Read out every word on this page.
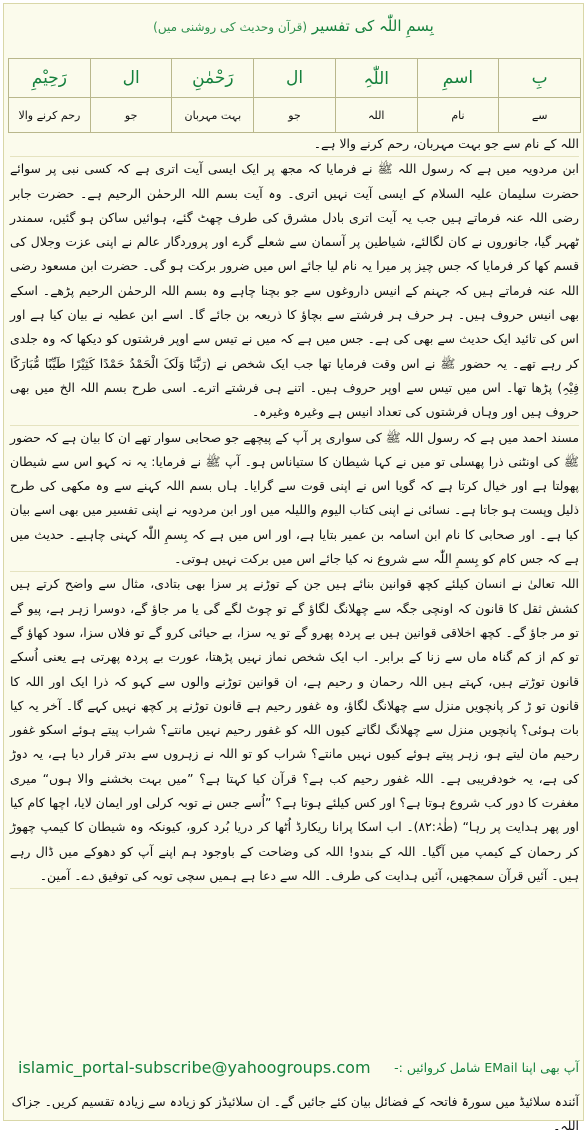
بِسمِ اللّٰہ کی تفسیر (قرآن وحدیث کی روشنی میں)
بِ	اسمِ	اللّٰہِ	ال	رَحْمٰنِ	ال	رَحِیْمِ
سے	نام	اللہ	جو	بہت مہربان	جو	رحم کرنے والا

اللہ کے نام سے جو بہت مہربان، رحم کرنے والا ہے۔

ابن مردویہ میں ہے کہ رسول اللہ ﷺ نے فرمایا کہ مجھ پر ایک ایسی آیت اتری ہے کہ کسی نبی پر سوائے حضرت سلیمان علیہ السلام کے ایسی آیت نہیں اتری۔ وہ آیت بسم اللہ الرحمٰن الرحیم ہے۔ حضرت جابر رضی اللہ عنہ فرماتے ہیں جب یہ آیت اتری بادل مشرق کی طرف چھٹ گئے، ہوائیں ساکن ہو گئیں، سمندر ٹھہر گیا، جانوروں نے کان لگالئے، شیاطین پر آسمان سے شعلے گرے اور پروردگار عالم نے اپنی عزت وجلال کی قسم کھا کر فرمایا کہ جس چیز پر میرا یہ نام لیا جائے اس میں ضرور برکت ہو گی۔ حضرت ابن مسعود رضی اللہ عنہ فرماتے ہیں کہ جہنم کے انیس داروغوں سے جو بچنا چاہے وہ بسم اللہ الرحمٰن الرحیم پڑھے۔ اسکے بھی انیس حروف ہیں۔ ہر حرف ہر فرشتے سے بچاؤ کا ذریعہ بن جائے گا۔ اسے ابن عطیہ نے بیان کیا ہے اور اس کی تائید ایک حدیث سے بھی کی ہے۔ جس میں ہے کہ میں نے تیس سے اوپر فرشتوں کو دیکھا کہ وہ جلدی کر رہے تھے۔ یہ حضور ﷺ نے اس وقت فرمایا تھا جب ایک شخص نے (رَبَّنَا وَلَکَ الْحَمْدُ حَمْدًا کَثِیْرًا طَیِّبًا مُّبَارَکًا فِیْہِ) پڑھا تھا۔ اس میں تیس سے اوپر حروف ہیں۔ اتنے ہی فرشتے اترے۔ اسی طرح بسم اللہ الخ میں بھی حروف ہیں اور وہاں فرشتوں کی تعداد انیس ہے وغیرہ وغیرہ۔

مسند احمد میں ہے کہ رسول اللہ ﷺ کی سواری پر آپ کے پیچھے جو صحابی سوار تھے ان کا بیان ہے کہ حضور ﷺ کی اونٹنی ذرا پھسلی تو میں نے کہا شیطان کا ستیاناس ہو۔ آپ ﷺ نے فرمایا: یہ نہ کہو اس سے شیطان پھولتا ہے اور خیال کرتا ہے کہ گویا اس نے اپنی قوت سے گرایا۔ ہاں بسم اللہ کہنے سے وہ مکھی کی طرح ذلیل وپست ہو جاتا ہے۔ نسائی نے اپنی کتاب الیوم واللیلہ میں اور ابن مردویہ نے اپنی تفسیر میں بھی اسے بیان کیا ہے۔ اور صحابی کا نام ابن اسامہ بن عمیر بتایا ہے، اور اس میں ہے کہ بِسمِ اللّٰہ کہنی چاہیے۔ حدیث میں ہے کہ جس کام کو بِسمِ اللّٰہ سے شروع نہ کیا جائے اس میں برکت نہیں ہوتی۔

اللہ تعالیٰ نے انسان کیلئے کچھ قوانین بنائے ہیں جن کے توڑنے پر سزا بھی بتادی، مثال سے واضح کرتے ہیں کشش ثقل کا قانون کہ اونچی جگہ سے چھلانگ لگاؤ گے تو چوٹ لگے گی یا مر جاؤ گے، دوسرا زہر ہے، پیو گے تو مر جاؤ گے۔ کچھ اخلاقی قوانین ہیں بے پردہ پھرو گے تو یہ سزا، بے حیائی کرو گے تو فلاں سزا، سود کھاؤ گے تو کم از کم گناہ ماں سے زنا کے برابر۔ اب ایک شخص نماز نہیں پڑھتا، عورت بے پردہ پھرتی ہے یعنی اُسکے قانون توڑتے ہیں، کہتے ہیں اللہ رحمان و رحیم ہے، ان قوانین توڑنے والوں سے کہو کہ ذرا ایک اور اللہ کا قانون تو ڑ کر پانچویں منزل سے چھلانگ لگاؤ، وہ غفور رحیم ہے قانون توڑنے پر کچھ نہیں کہے گا۔ آخر یہ کیا بات ہوئی؟ پانچویں منزل سے چھلانگ لگاتے کیوں اللہ کو غفور رحیم نہیں مانتے؟ شراب پیتے ہوئے اسکو غفور رحیم مان لیتے ہو، زہر پیتے ہوئے کیوں نہیں مانتے؟ شراب کو تو اللہ نے زہروں سے بدتر قرار دیا ہے، یہ دوڑ کی ہے، یہ خودفریبی ہے۔ اللہ غفور رحیم کب ہے؟ قرآن کیا کہتا ہے؟ ”میں بہت بخشنے والا ہوں“ میری مغفرت کا دور کب شروع ہوتا ہے؟ اور کس کیلئے ہوتا ہے؟ ”اُسے جس نے توبہ کرلی اور ایمان لایا، اچھا کام کیا اور پھر ہدایت پر رہا“ (طٰہٰ:۸۲)۔ اب اسکا پرانا ریکارڈ اُٹھا کر دریا بُرد کرو، کیونکہ وہ شیطان کا کیمپ چھوڑ کر رحمان کے کیمپ میں آگیا۔ اللہ کے بندو! اللہ کی وضاحت کے باوجود ہم اپنے آپ کو دھوکے میں ڈال رہے ہیں۔ آئیں قرآن سمجھیں، آئیں ہدایت کی طرف۔ اللہ سے دعا ہے ہمیں سچی توبہ کی توفیق دے۔ آمین۔

آپ بھی اپنا EMail شامل کروائیں :-
islamic_portal-subscribe@yahoogroups.com
آئندہ سلائیڈ میں سورۃ فاتحہ کے فضائل بیان کئے جائیں گے۔ ان سلائیڈز کو زیادہ سے زیادہ تقسیم کریں۔ جزاک اللہ۔
